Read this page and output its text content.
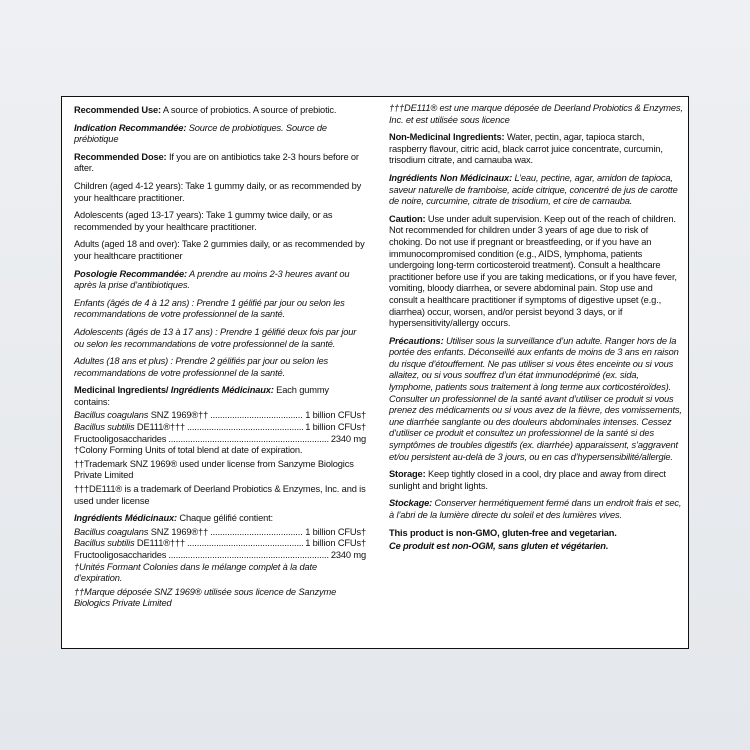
Recommended Use: A source of probiotics. A source of prebiotic.

Indication Recommandée: Source de probiotiques. Source de prébiotique

Recommended Dose: If you are on antibiotics take 2-3 hours before or after.

Children (aged 4-12 years): Take 1 gummy daily, or as recommended by your healthcare practitioner.

Adolescents (aged 13-17 years): Take 1 gummy twice daily, or as recommended by your healthcare practitioner.

Adults (aged 18 and over): Take 2 gummies daily, or as recommended by your healthcare practitioner

Posologie Recommandée: A prendre au moins 2-3 heures avant ou après la prise d’antibiotiques.

Enfants (âgés de 4 à 12 ans) : Prendre 1 gélifié par jour ou selon les recommandations de votre professionnel de la santé.

Adolescents (âgés de 13 à 17 ans) : Prendre 1 gélifié deux fois par jour ou selon les recommandations de votre professionnel de la santé.

Adultes (18 ans et plus) : Prendre 2 gélifiés par jour ou selon les recommandations de votre professionnel de la santé.

Medicinal Ingredients/ Ingrédients Médicinaux: Each gummy contains:

Bacillus coagulans SNZ 1969®†† .....	1 billion CFUs†
Bacillus subtilis DE111®††† .....	1 billion CFUs†
Fructooligosaccharides .....	2340 mg

†Colony Forming Units of total blend at date of expiration.

††Trademark SNZ 1969® used under license from Sanzyme Biologics Private Limited

†††DE111® is a trademark of Deerland Probiotics & Enzymes, Inc. and is used under license

Ingrédients Médicinaux: Chaque gélifié contient:

Bacillus coagulans SNZ 1969®†† .....	1 billion CFUs†
Bacillus subtilis DE111®††† .....	1 billion CFUs†
Fructooligosaccharides .....	2340 mg

†Unités Formant Colonies dans le mélange complet à la date d’expiration.

††Marque déposée SNZ 1969® utilisée sous licence de Sanzyme Biologics Private Limited

†††DE111® est une marque déposée de Deerland Probiotics & Enzymes, Inc. et est utilisée sous licence

Non-Medicinal Ingredients: Water, pectin, agar, tapioca starch, raspberry flavour, citric acid, black carrot juice concentrate, curcumin, trisodium citrate, and carnauba wax.

Ingrédients Non Médicinaux: L’eau, pectine, agar, amidon de tapioca, saveur naturelle de framboise, acide citrique, concentré de jus de carotte de noire, curcumine, citrate de trisodium, et cire de carnauba.

Caution: Use under adult supervision. Keep out of the reach of children. Not recommended for children under 3 years of age due to risk of choking. Do not use if pregnant or breastfeeding, or if you have an immunocompromised condition (e.g., AIDS, lymphoma, patients undergoing long-term corticosteroid treatment). Consult a healthcare practitioner before use if you are taking medications, or if you have fever, vomiting, bloody diarrhea, or severe abdominal pain. Stop use and consult a healthcare practitioner if symptoms of digestive upset (e.g., diarrhea) occur, worsen, and/or persist beyond 3 days, or if hypersensitivity/allergy occurs.

Précautions: Utiliser sous la surveillance d’un adulte. Ranger hors de la portée des enfants. Déconseillé aux enfants de moins de 3 ans en raison du risque d’étouffement. Ne pas utiliser si vous êtes enceinte ou si vous allaitez, ou si vous souffrez d’un état immunodéprimé (ex. sida, lymphome, patients sous traitement à long terme aux corticostéroïdes). Consulter un professionnel de la santé avant d’utiliser ce produit si vous prenez des médicaments ou si vous avez de la fièvre, des vomissements, une diarrhée sanglante ou des douleurs abdominales intenses. Cessez d’utiliser ce produit et consultez un professionnel de la santé si des symptômes de troubles digestifs (ex. diarrhée) apparaissent, s’aggravent et/ou persistent au-delà de 3 jours, ou en cas d’hypersensibilité/allergie.

Storage: Keep tightly closed in a cool, dry place and away from direct sunlight and bright lights.

Stockage: Conserver hermétiquement fermé dans un endroit frais et sec, à l’abri de la lumière directe du soleil et des lumières vives.

This product is non-GMO, gluten-free and vegetarian.

Ce produit est non-OGM, sans gluten et végétarien.
